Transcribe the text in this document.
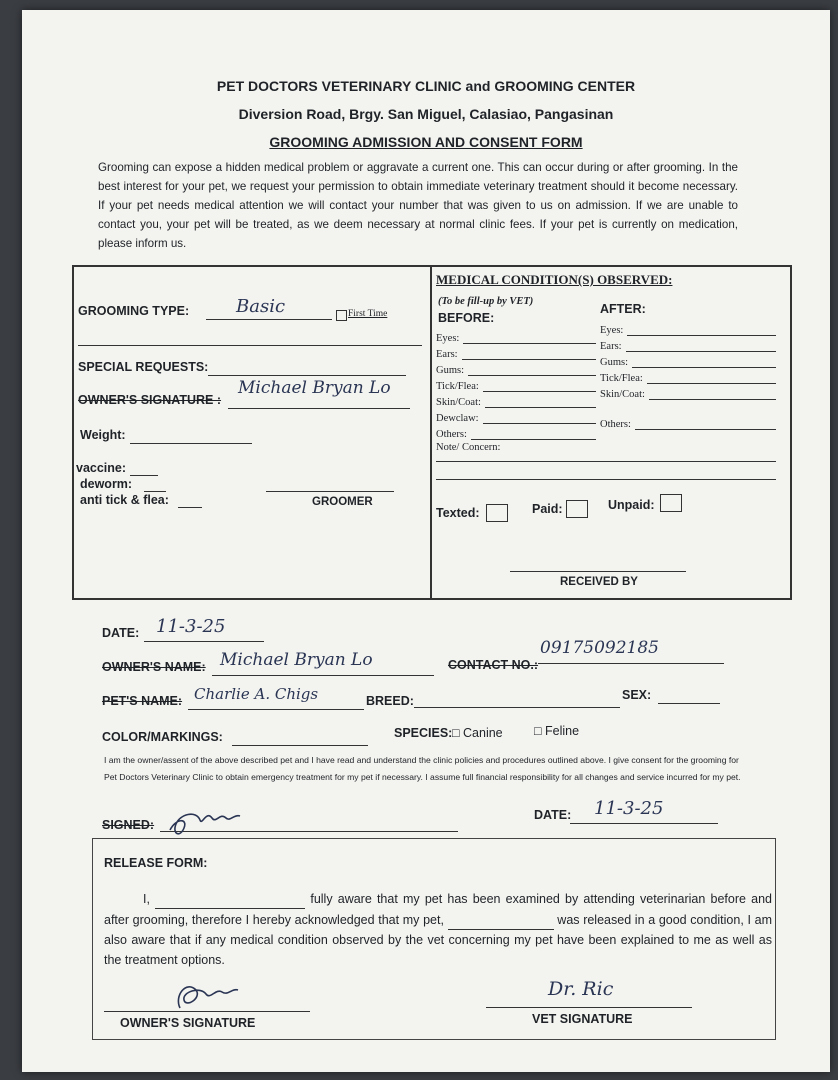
PET DOCTORS VETERINARY CLINIC and GROOMING CENTER
Diversion Road, Brgy. San Miguel, Calasiao, Pangasinan
GROOMING ADMISSION AND CONSENT FORM
Grooming can expose a hidden medical problem or aggravate a current one. This can occur during or after grooming. In the best interest for your pet, we request your permission to obtain immediate veterinary treatment should it become necessary. If your pet needs medical attention we will contact your number that was given to us on admission. If we are unable to contact you, your pet will be treated, as we deem necessary at normal clinic fees. If your pet is currently on medication, please inform us.
GROOMING TYPE:	Basic	First Time
SPECIAL REQUESTS:
OWNER'S SIGNATURE :
Michael Bryan Lo
Weight:
vaccine:
deworm:
anti tick & flea:	GROOMER
MEDICAL CONDITION(S) OBSERVED:
(To be fill-up by VET)
BEFORE:
AFTER:
Eyes:
Ears:
Gums:
Tick/Flea:
Skin/Coat:
Dewclaw:
Others:
Eyes:
Ears:
Gums:
Tick/Flea:
Skin/Coat:
Others:
Note/ Concern:
Texted:	Paid:	Unpaid:
RECEIVED BY
DATE: 11-3-25
OWNER'S NAME: Michael Bryan Lo	CONTACT NO.:
09175092185
PET'S NAME: Charlie A. Chigs	BREED:	SEX:
COLOR/MARKINGS:	SPECIES: □ Canine	□ Feline
I am the owner/assent of the above described pet and I have read and understand the clinic policies and procedures outlined above. I give consent for the grooming for Pet Doctors Veterinary Clinic to obtain emergency treatment for my pet if necessary. I assume full financial responsibility for all changes and service incurred for my pet.
SIGNED:
DATE: 11-3-25
RELEASE FORM:
I,	fully aware that my pet has been examined by attending veterinarian before and after grooming, therefore I hereby acknowledged that my pet,	was released in a good condition, I am also aware that if any medical condition observed by the vet concerning my pet have been explained to me as well as the treatment options.
OWNER'S SIGNATURE
Dr. Ric
VET SIGNATURE
